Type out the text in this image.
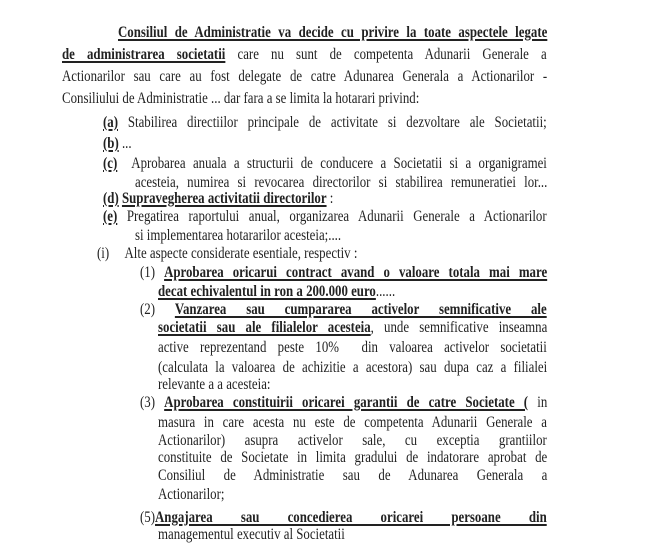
Consiliul de Administratie va decide cu privire la toate aspectele legate
de administrarea societatii care nu sunt de competenta Adunarii Generale a
Actionarilor sau care au fost delegate de catre Adunarea Generala a Actionarilor -
Consiliului de Administratie ... dar fara a se limita la hotarari privind:
(a) Stabilirea directiilor principale de activitate si dezvoltare ale Societatii;
(b) ...
(c)  Aprobarea anuala a structurii de conducere a Societatii si a organigramei
acesteia, numirea si revocarea directorilor si stabilirea remuneratiei lor...
(d) Supravegherea activitatii directorilor :
(e) Pregatirea raportului anual, organizarea Adunarii Generale a Actionarilor
si implementarea hotararilor acesteia;....
(i)     Alte aspecte considerate esentiale, respectiv :
(1) Aprobarea oricarui contract avand o valoare totala mai mare
decat echivalentul in ron a 200.000 euro......
(2) Vanzarea sau cumpararea activelor semnificative ale
societatii sau ale filialelor acesteia, unde semnificative inseamna
active reprezentand peste 10%  din valoarea activelor societatii
(calculata la valoarea de achizitie a acestora) sau dupa caz a filialei
relevante a a acesteia:
(3) Aprobarea constituirii oricarei garantii de catre Societate ( in
masura in care acesta nu este de competenta Adunarii Generale a
Actionarilor) asupra activelor sale, cu exceptia grantiilor
constituite de Societate in limita gradului de indatorare aprobat de
Consiliul de Administratie sau de Adunarea Generala a
Actionarilor;
(5)Angajarea sau concedierea oricarei persoane din
managementul executiv al Societatii
